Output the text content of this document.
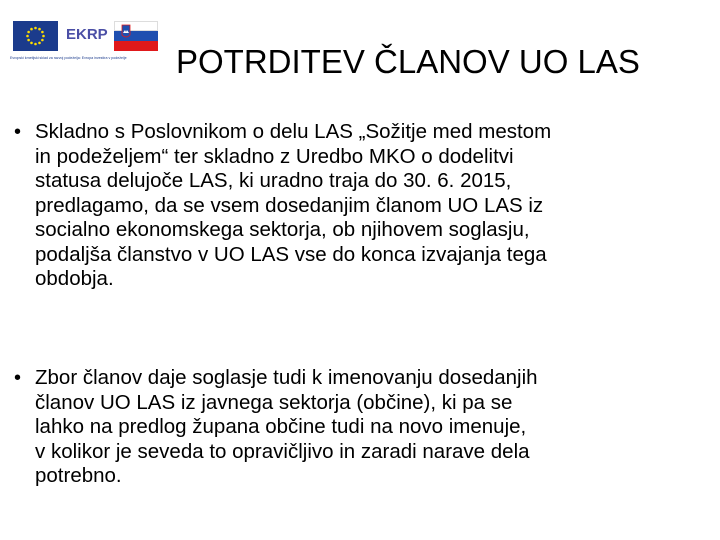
EKRP
Evropski kmetijski sklad za razvoj podeželja: Evropa investira v podeželje	POTRDITEV ČLANOV UO LAS
• Skladno s Poslovnikom o delu LAS „Sožitje med mestom
in podeželjem“ ter skladno z Uredbo MKO o dodelitvi
statusa delujoče LAS, ki uradno traja do 30. 6. 2015,
predlagamo, da se vsem dosedanjim članom UO LAS iz
socialno ekonomskega sektorja, ob njihovem soglasju,
podaljša članstvo v UO LAS vse do konca izvajanja tega
obdobja.
• Zbor članov daje soglasje tudi k imenovanju dosedanjih
članov UO LAS iz javnega sektorja (občine), ki pa se
lahko na predlog župana občine tudi na novo imenuje,
v kolikor je seveda to opravičljivo in zaradi narave dela
potrebno.
